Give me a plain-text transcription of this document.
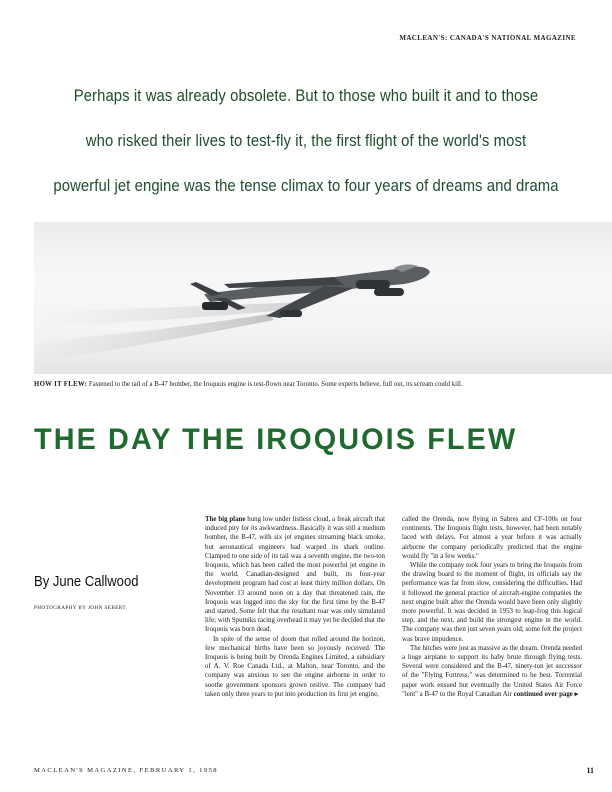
MACLEAN'S: CANADA'S NATIONAL MAGAZINE
Perhaps it was already obsolete. But to those who built it and to those
who risked their lives to test-fly it, the first flight of the world's most
powerful jet engine was the tense climax to four years of dreams and drama
HOW IT FLEW: Fastened to the tail of a B-47 bomber, the Iroquois engine is test-flown near Toronto. Some experts believe, full out, its scream could kill.
THE DAY THE IROQUOIS FLEW
By June Callwood
PHOTOGRAPHY BY JOHN SEBERT

The big plane hung low under listless cloud, a freak aircraft that induced pity for its awkwardness. Basically it was still a medium bomber, the B-47, with six jet engines streaming black smoke, but aeronautical engineers had warped its shark outline. Clamped to one side of its tail was a seventh engine, the two-ton Iroquois, which has been called the most powerful jet engine in the world. Canadian-designed and built, its four-year development program had cost at least thirty million dollars. On November 13 around noon on a day that threatened rain, the Iroquois was lugged into the sky for the first time by the B-47 and started. Some felt that the resultant roar was only simulated life; with Sputniks racing overhead it may yet be decided that the Iroquois was born dead.

In spite of the sense of doom that rolled around the horizon, few mechanical births have been so joyously received. The Iroquois is being built by Orenda Engines Limited, a subsidiary of A. V. Roe Canada Ltd., at Malton, near Toronto, and the company was anxious to see the engine airborne in order to soothe government sponsors grown restive. The company had taken only three years to put into production its first jet engine,

called the Orenda, now flying in Sabres and CF-100s on four continents. The Iroquois flight tests, however, had been notably laced with delays. For almost a year before it was actually airborne the company periodically predicted that the engine would fly "in a few weeks."

While the company took four years to bring the Iroquois from the drawing board to the moment of flight, its officials say the performance was far from slow, considering the difficulties. Had it followed the general practice of aircraft-engine companies the next engine built after the Orenda would have been only slightly more powerful. It was decided in 1953 to leap-frog this logical step, and the next, and build the strongest engine in the world. The company was then just seven years old; some felt the project was brave impudence.

The hitches were just as massive as the dream. Orenda needed a huge airplane to support its baby brute through flying tests. Several were considered and the B-47, ninety-ton jet successor of the "Flying Fortress," was determined to be best. Torrential paper work ensued but eventually the United States Air Force "lent" a B-47 to the Royal Canadian Air continued over page ▸

MACLEAN'S MAGAZINE, FEBRUARY 1, 1958	11
